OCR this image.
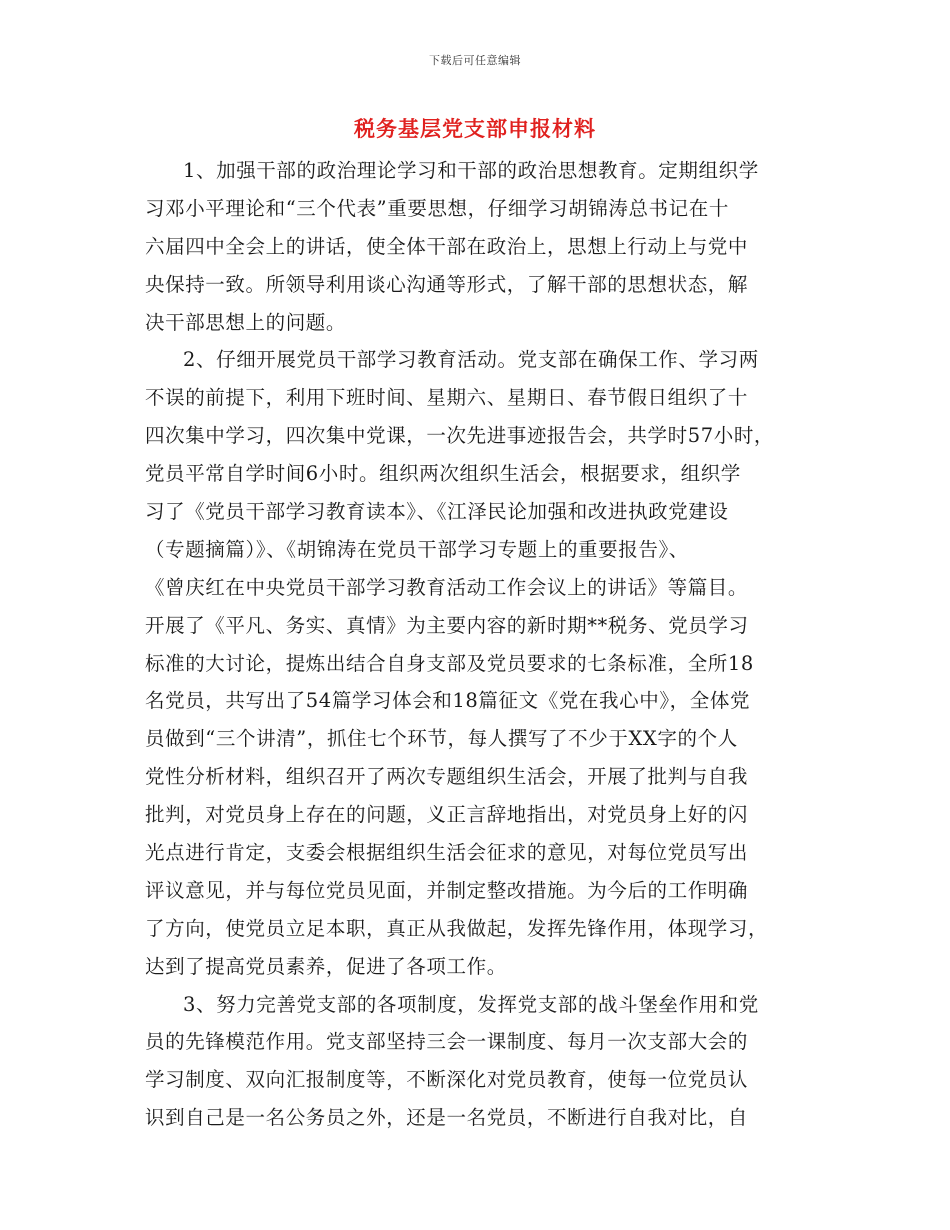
下载后可任意编辑
税务基层党支部申报材料
1、加强干部的政治理论学习和干部的政治思想教育。定期组织学
习邓小平理论和“三个代表”重要思想，仔细学习胡锦涛总书记在十
六届四中全会上的讲话，使全体干部在政治上，思想上行动上与党中
央保持一致。所领导利用谈心沟通等形式，了解干部的思想状态，解
决干部思想上的问题。
2、仔细开展党员干部学习教育活动。党支部在确保工作、学习两
不误的前提下，利用下班时间、星期六、星期日、春节假日组织了十
四次集中学习，四次集中党课，一次先进事迹报告会，共学时57小时，
党员平常自学时间6小时。组织两次组织生活会，根据要求，组织学
习了《党员干部学习教育读本》、《江泽民论加强和改进执政党建设
（专题摘篇）》、《胡锦涛在党员干部学习专题上的重要报告》、
《曾庆红在中央党员干部学习教育活动工作会议上的讲话》等篇目。
开展了《平凡、务实、真情》为主要内容的新时期**税务、党员学习
标准的大讨论，提炼出结合自身支部及党员要求的七条标准，全所18
名党员，共写出了54篇学习体会和18篇征文《党在我心中》，全体党
员做到“三个讲清”，抓住七个环节，每人撰写了不少于XX字的个人
党性分析材料，组织召开了两次专题组织生活会，开展了批判与自我
批判，对党员身上存在的问题，义正言辞地指出，对党员身上好的闪
光点进行肯定，支委会根据组织生活会征求的意见，对每位党员写出
评议意见，并与每位党员见面，并制定整改措施。为今后的工作明确
了方向，使党员立足本职，真正从我做起，发挥先锋作用，体现学习，
达到了提高党员素养，促进了各项工作。
3、努力完善党支部的各项制度，发挥党支部的战斗堡垒作用和党
员的先锋模范作用。党支部坚持三会一课制度、每月一次支部大会的
学习制度、双向汇报制度等，不断深化对党员教育，使每一位党员认
识到自己是一名公务员之外，还是一名党员，不断进行自我对比，自
